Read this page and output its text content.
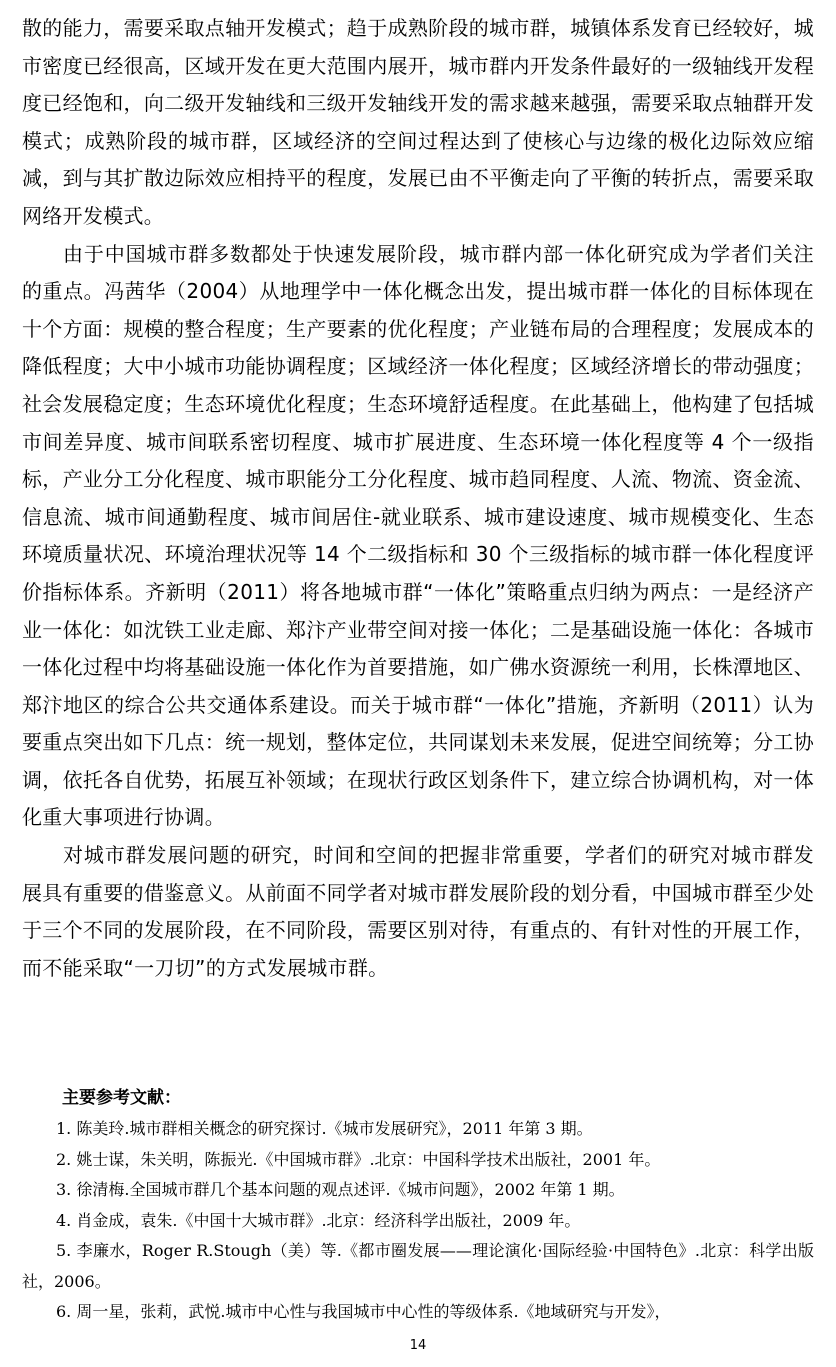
散的能力，需要采取点轴开发模式；趋于成熟阶段的城市群，城镇体系发育已经较好，城市密度已经很高，区域开发在更大范围内展开，城市群内开发条件最好的一级轴线开发程度已经饱和，向二级开发轴线和三级开发轴线开发的需求越来越强，需要采取点轴群开发模式；成熟阶段的城市群，区域经济的空间过程达到了使核心与边缘的极化边际效应缩减，到与其扩散边际效应相持平的程度，发展已由不平衡走向了平衡的转折点，需要采取网络开发模式。

由于中国城市群多数都处于快速发展阶段，城市群内部一体化研究成为学者们关注的重点。冯茜华（2004）从地理学中一体化概念出发，提出城市群一体化的目标体现在十个方面：规模的整合程度；生产要素的优化程度；产业链布局的合理程度；发展成本的降低程度；大中小城市功能协调程度；区域经济一体化程度；区域经济增长的带动强度；社会发展稳定度；生态环境优化程度；生态环境舒适程度。在此基础上，他构建了包括城市间差异度、城市间联系密切程度、城市扩展进度、生态环境一体化程度等 4 个一级指标，产业分工分化程度、城市职能分工分化程度、城市趋同程度、人流、物流、资金流、信息流、城市间通勤程度、城市间居住-就业联系、城市建设速度、城市规模变化、生态环境质量状况、环境治理状况等 14 个二级指标和 30 个三级指标的城市群一体化程度评价指标体系。齐新明（2011）将各地城市群“一体化”策略重点归纳为两点：一是经济产业一体化：如沈铁工业走廊、郑汴产业带空间对接一体化；二是基础设施一体化：各城市一体化过程中均将基础设施一体化作为首要措施，如广佛水资源统一利用，长株潭地区、郑汴地区的综合公共交通体系建设。而关于城市群“一体化”措施，齐新明（2011）认为要重点突出如下几点：统一规划，整体定位，共同谋划未来发展，促进空间统筹；分工协调，依托各自优势，拓展互补领域；在现状行政区划条件下，建立综合协调机构，对一体化重大事项进行协调。

对城市群发展问题的研究，时间和空间的把握非常重要，学者们的研究对城市群发展具有重要的借鉴意义。从前面不同学者对城市群发展阶段的划分看，中国城市群至少处于三个不同的发展阶段，在不同阶段，需要区别对待，有重点的、有针对性的开展工作，而不能采取“一刀切”的方式发展城市群。

主要参考文献：

1. 陈美玲.城市群相关概念的研究探讨.《城市发展研究》，2011 年第 3 期。

2. 姚士谋，朱关明，陈振光.《中国城市群》.北京：中国科学技术出版社，2001 年。

3. 徐清梅.全国城市群几个基本问题的观点述评.《城市问题》，2002 年第 1 期。

4. 肖金成，袁朱.《中国十大城市群》.北京：经济科学出版社，2009 年。

5. 李廉水，Roger R.Stough（美）等.《都市圈发展——理论演化·国际经验·中国特色》.北京：科学出版社，2006。

6. 周一星，张莉，武悦.城市中心性与我国城市中心性的等级体系.《地域研究与开发》，

14
